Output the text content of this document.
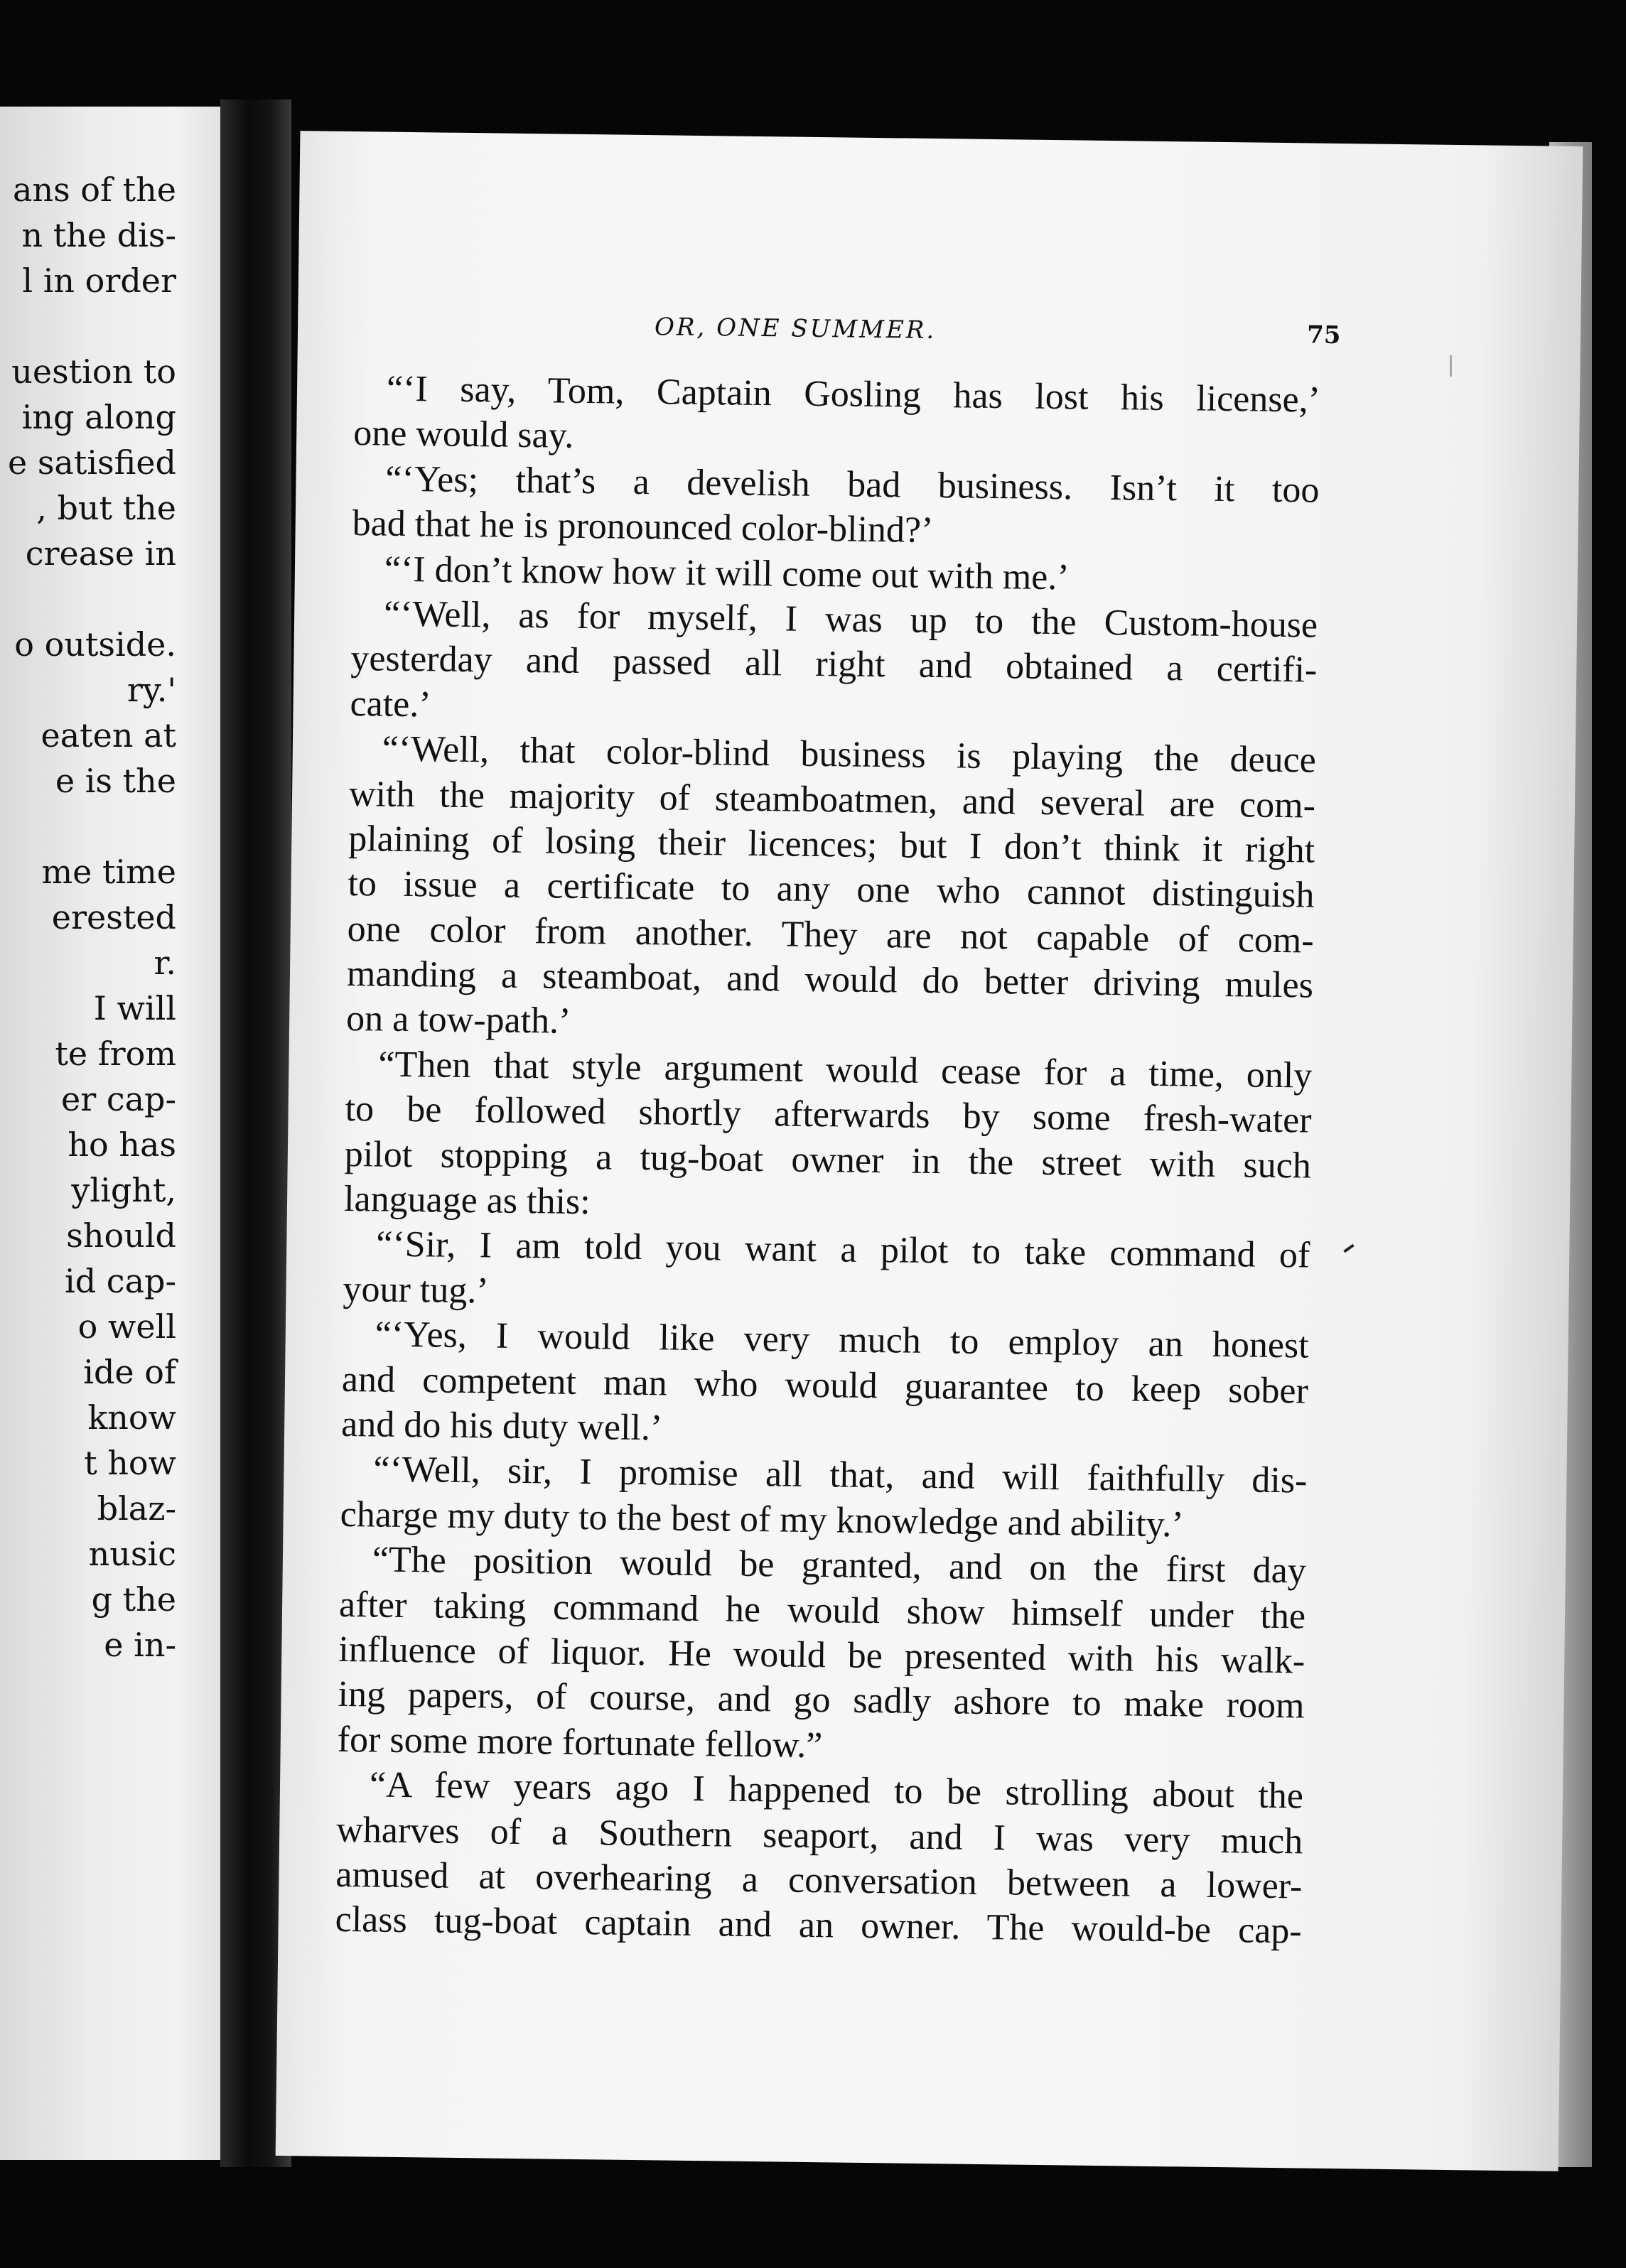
ans of the
n the dis-
l in order
uestion to
ing along
e satisfied
, but the
crease in
o outside.
ry.'
eaten at
e is the
me time
erested
r.
I will
te from
er cap-
ho has
ylight,
should
id cap-
o well
ide of
know
t how
blaz-
nusic
g the
e in-
OR, ONE SUMMER.	75
“‘I say, Tom, Captain Gosling has lost his license,’
one would say.
“‘Yes; that’s a develish bad business. Isn’t it too
bad that he is pronounced color-blind?’
“‘I don’t know how it will come out with me.’
“‘Well, as for myself, I was up to the Custom-house
yesterday and passed all right and obtained a certifi-
cate.’
“‘Well, that color-blind business is playing the deuce
with the majority of steamboatmen, and several are com-
plaining of losing their licences; but I don’t think it right
to issue a certificate to any one who cannot distinguish
one color from another. They are not capable of com-
manding a steamboat, and would do better driving mules
on a tow-path.’
“Then that style argument would cease for a time, only
to be followed shortly afterwards by some fresh-water
pilot stopping a tug-boat owner in the street with such
language as this:
“‘Sir, I am told you want a pilot to take command of
your tug.’
“‘Yes, I would like very much to employ an honest
and competent man who would guarantee to keep sober
and do his duty well.’
“‘Well, sir, I promise all that, and will faithfully dis-
charge my duty to the best of my knowledge and ability.’
“The position would be granted, and on the first day
after taking command he would show himself under the
influence of liquor. He would be presented with his walk-
ing papers, of course, and go sadly ashore to make room
for some more fortunate fellow.”
“A few years ago I happened to be strolling about the
wharves of a Southern seaport, and I was very much
amused at overhearing a conversation between a lower-
class tug-boat captain and an owner. The would-be cap-
